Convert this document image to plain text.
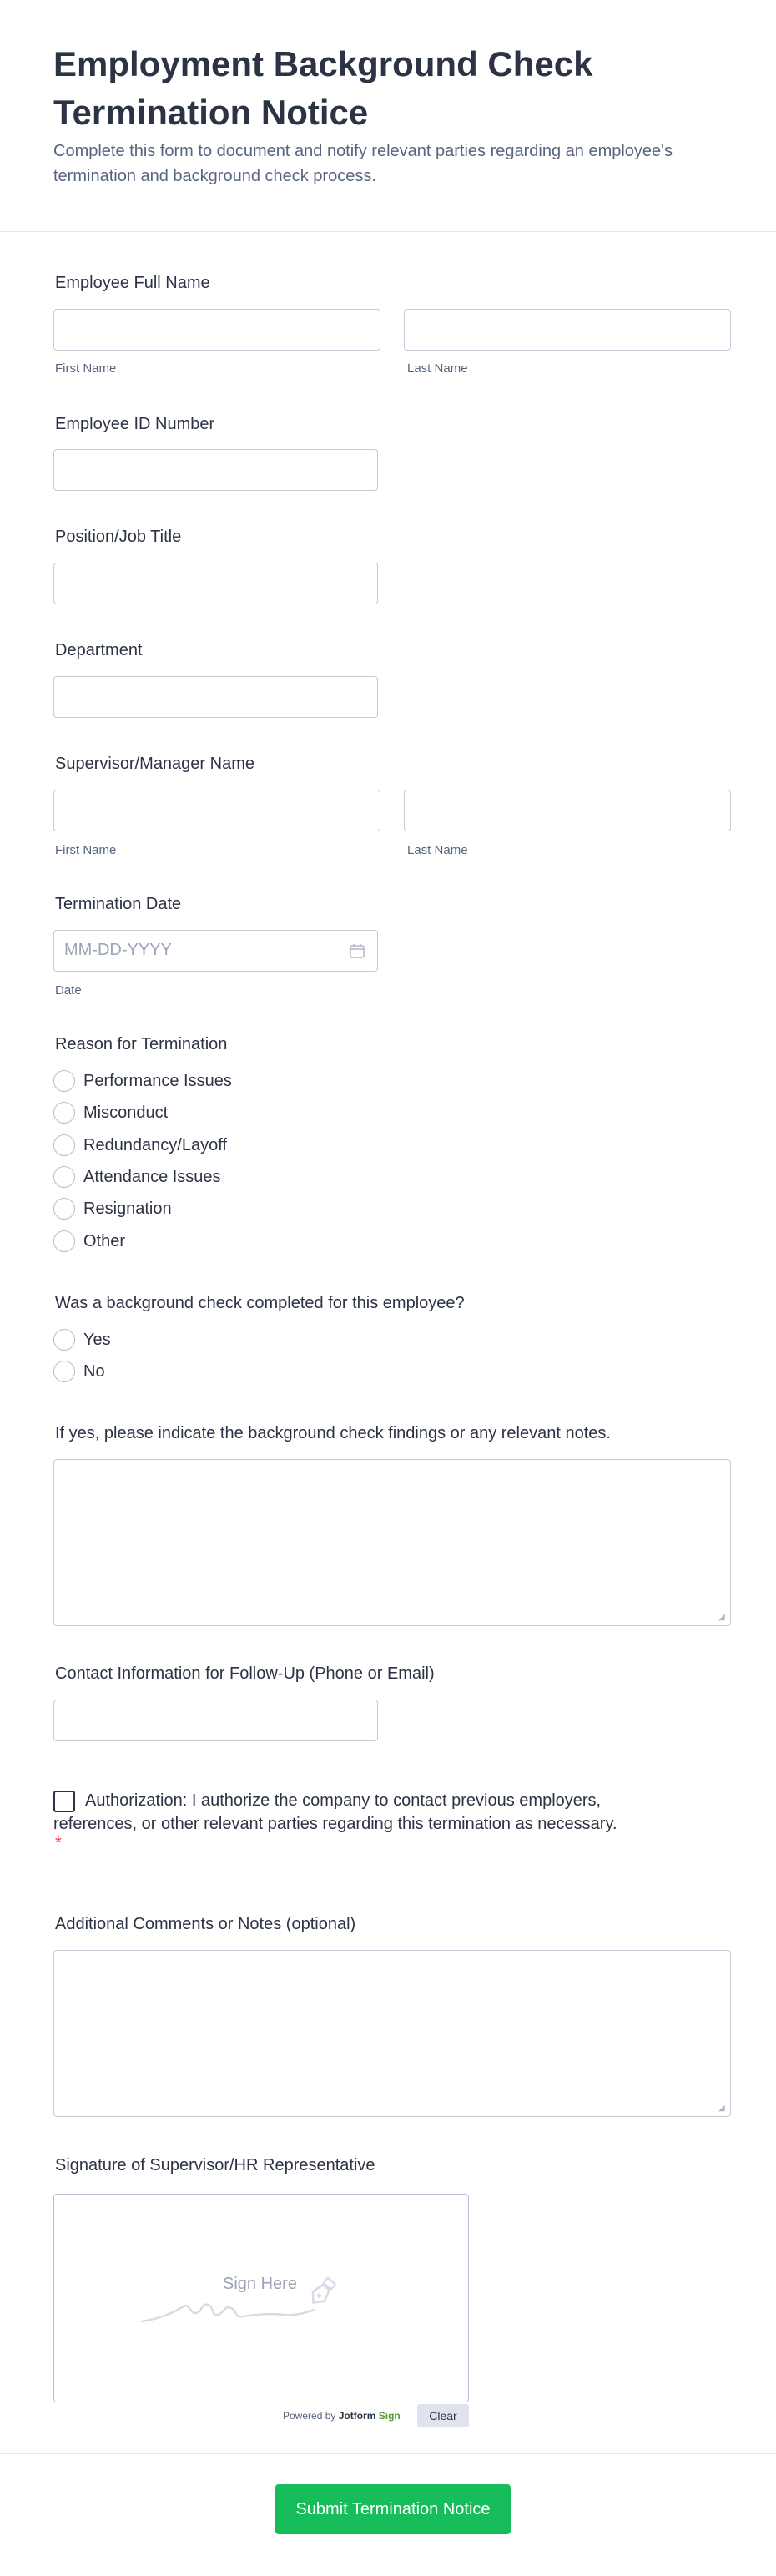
Employment Background Check Termination Notice
Complete this form to document and notify relevant parties regarding an employee's termination and background check process.
Employee Full Name
First Name	Last Name
Employee ID Number
Position/Job Title
Department
Supervisor/Manager Name
First Name	Last Name
Termination Date
MM-DD-YYYY
Date
Reason for Termination
Performance Issues
Misconduct
Redundancy/Layoff
Attendance Issues
Resignation
Other
Was a background check completed for this employee?
Yes
No
If yes, please indicate the background check findings or any relevant notes.
◢
Contact Information for Follow-Up (Phone or Email)
Authorization: I authorize the company to contact previous employers, references, or other relevant parties regarding this termination as necessary.
*
Additional Comments or Notes (optional)
◢
Signature of Supervisor/HR Representative
Sign Here
Powered by Jotform Sign	Clear
Submit Termination Notice
